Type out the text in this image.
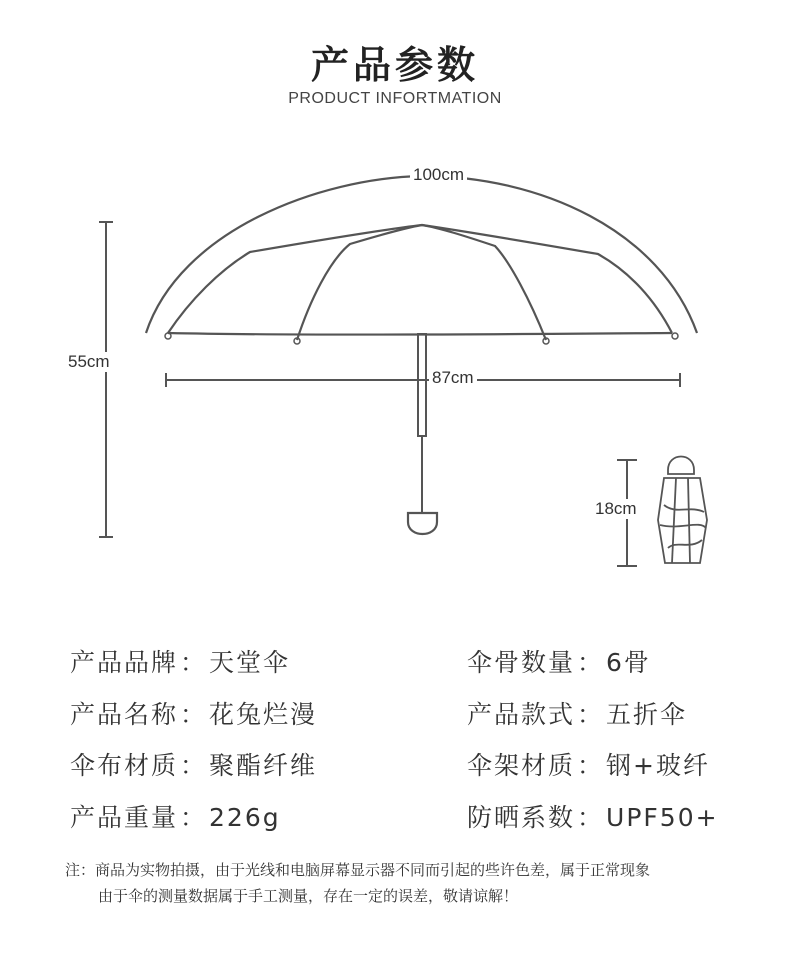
产品参数
PRODUCT INFORTMATION
100cm
87cm
55cm
18cm
产品品牌：天堂伞	伞骨数量：6骨
产品名称：花兔烂漫	产品款式：五折伞
伞布材质：聚酯纤维	伞架材质：钢+玻纤
产品重量：226g	防晒系数：UPF50+
注：商品为实物拍摄，由于光线和电脑屏幕显示器不同而引起的些许色差，属于正常现象
由于伞的测量数据属于手工测量，存在一定的误差，敬请谅解！
